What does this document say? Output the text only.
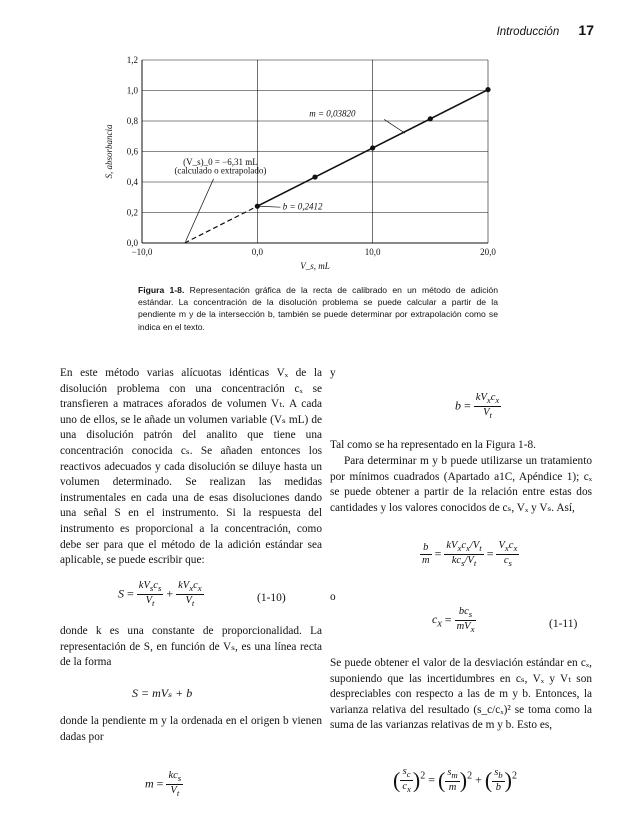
Introducción 17
0,0
0,2
0,4
0,6
0,8
1,0
1,2
−10,0	0,0	10,0	20,0
V_s, mL
S, absorbancia
m = 0,03820
b = 0,2412
(V_s)_0 = −6,31 mL
(calculado o extrapolado)
Figura 1-8. Representación gráfica de la recta de calibrado en un método de adición estándar. La concentración de la disolución problema se puede calcular a partir de la pendiente m y de la intersección b, también se puede determinar por extrapolación como se indica en el texto.
En este método varias alícuotas idénticas Vₓ de la disolución problema con una concentración cₓ se transfieren a matraces aforados de volumen Vₜ. A cada uno de ellos, se le añade un volumen variable (Vₛ mL) de una disolución patrón del analito que tiene una concentración conocida cₛ. Se añaden entonces los reactivos adecuados y cada disolución se diluye hasta un volumen determinado. Se realizan las medidas instrumentales en cada una de esas disoluciones dando una señal S en el instrumento. Si la respuesta del instrumento es proporcional a la concentración, como debe ser para que el método de la adición estándar sea aplicable, se puede escribir que:
$S = \frac{kV_sc_s}{V_t} + \frac{kV_xc_x}{V_t}$	(1-10)
donde k es una constante de proporcionalidad. La representación de S, en función de Vₛ, es una línea recta de la forma
S = mVₛ + b
donde la pendiente m y la ordenada en el origen b vienen dadas por
$m = \frac{kc_s}{V_t}$
y
$b = \frac{kV_xc_x}{V_t}$
Tal como se ha representado en la Figura 1-8.
Para determinar m y b puede utilizarse un tratamiento por mínimos cuadrados (Apartado a1C, Apéndice 1); cₓ se puede obtener a partir de la relación entre estas dos cantidades y los valores conocidos de cₛ, Vₓ y Vₛ. Así,
$\frac{b}{m} = \frac{kV_xc_x/V_t}{kc_s/V_t} = \frac{V_xc_x}{c_s}$
o
$c_x = \frac{bc_s}{mV_x}$	(1-11)
Se puede obtener el valor de la desviación estándar en cₓ, suponiendo que las incertidumbres en cₛ, Vₓ y Vₜ son despreciables con respecto a las de m y b. Entonces, la varianza relativa del resultado (s_c/cₓ)² se toma como la suma de las varianzas relativas de m y b. Esto es,
( $\frac{s_c}{c_x} )^2$ = ( $\frac{s_m}{m} )^2$ + ( $\frac{s_b}{b} )^2$
